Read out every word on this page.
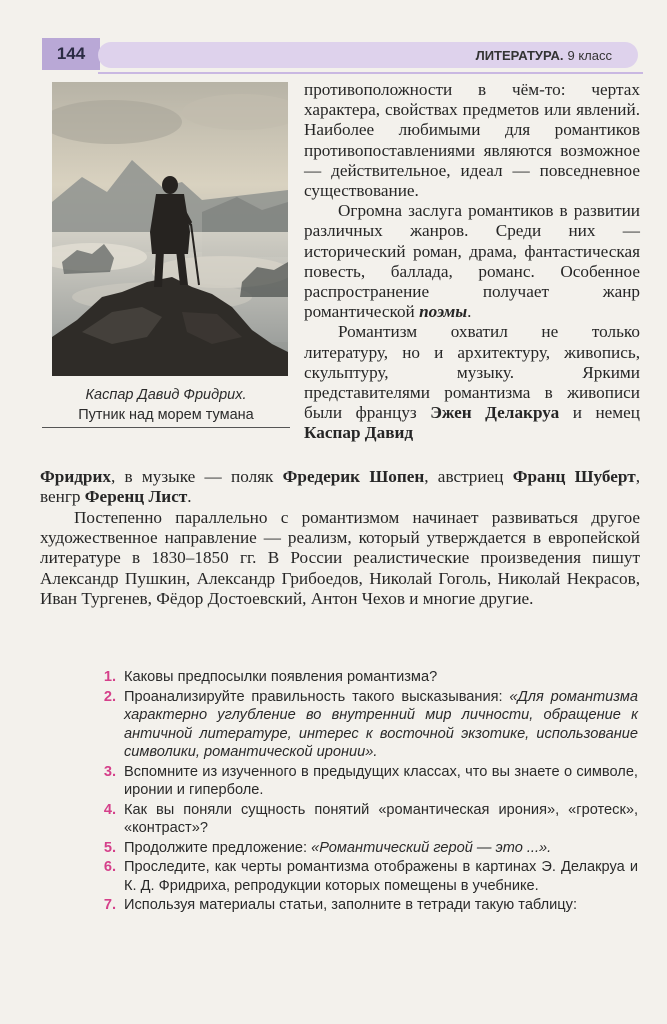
144	ЛИТЕРАТУРА. 9 класс
Каспар Давид Фридрих.
Путник над морем тумана

противоположности в чём-то: чертах характера, свойствах предметов или явлений. Наиболее любимыми для романтиков противопоставлениями являются возможное — действительное, идеал — повседневное существование.

Огромна заслуга романтиков в развитии различных жанров. Среди них — исторический роман, драма, фантастическая повесть, баллада, романс. Особенное распространение получает жанр романтической поэмы.

Романтизм охватил не только литературу, но и архитектуру, живопись, скульптуру, музыку. Яркими представителями романтизма в живописи были француз Эжен Делакруа и немец Каспар Давид

Фридрих, в музыке — поляк Фредерик Шопен, австриец Франц Шуберт, венгр Ференц Лист.

Постепенно параллельно с романтизмом начинает развиваться другое художественное направление — реализм, который утверждается в европейской литературе в 1830–1850 гг. В России реалистические произведения пишут Александр Пушкин, Александр Грибоедов, Николай Гоголь, Николай Некрасов, Иван Тургенев, Фёдор Достоевский, Антон Чехов и многие другие.

1. Каковы предпосылки появления романтизма?
2. Проанализируйте правильность такого высказывания: «Для романтизма характерно углубление во внутренний мир личности, обращение к античной литературе, интерес к восточной экзотике, использование символики, романтической иронии».
3. Вспомните из изученного в предыдущих классах, что вы знаете о символе, иронии и гиперболе.
4. Как вы поняли сущность понятий «романтическая ирония», «гротеск», «контраст»?
5. Продолжите предложение: «Романтический герой — это ...».
6. Проследите, как черты романтизма отображены в картинах Э. Делакруа и К. Д. Фридриха, репродукции которых помещены в учебнике.
7. Используя материалы статьи, заполните в тетради такую таблицу:
